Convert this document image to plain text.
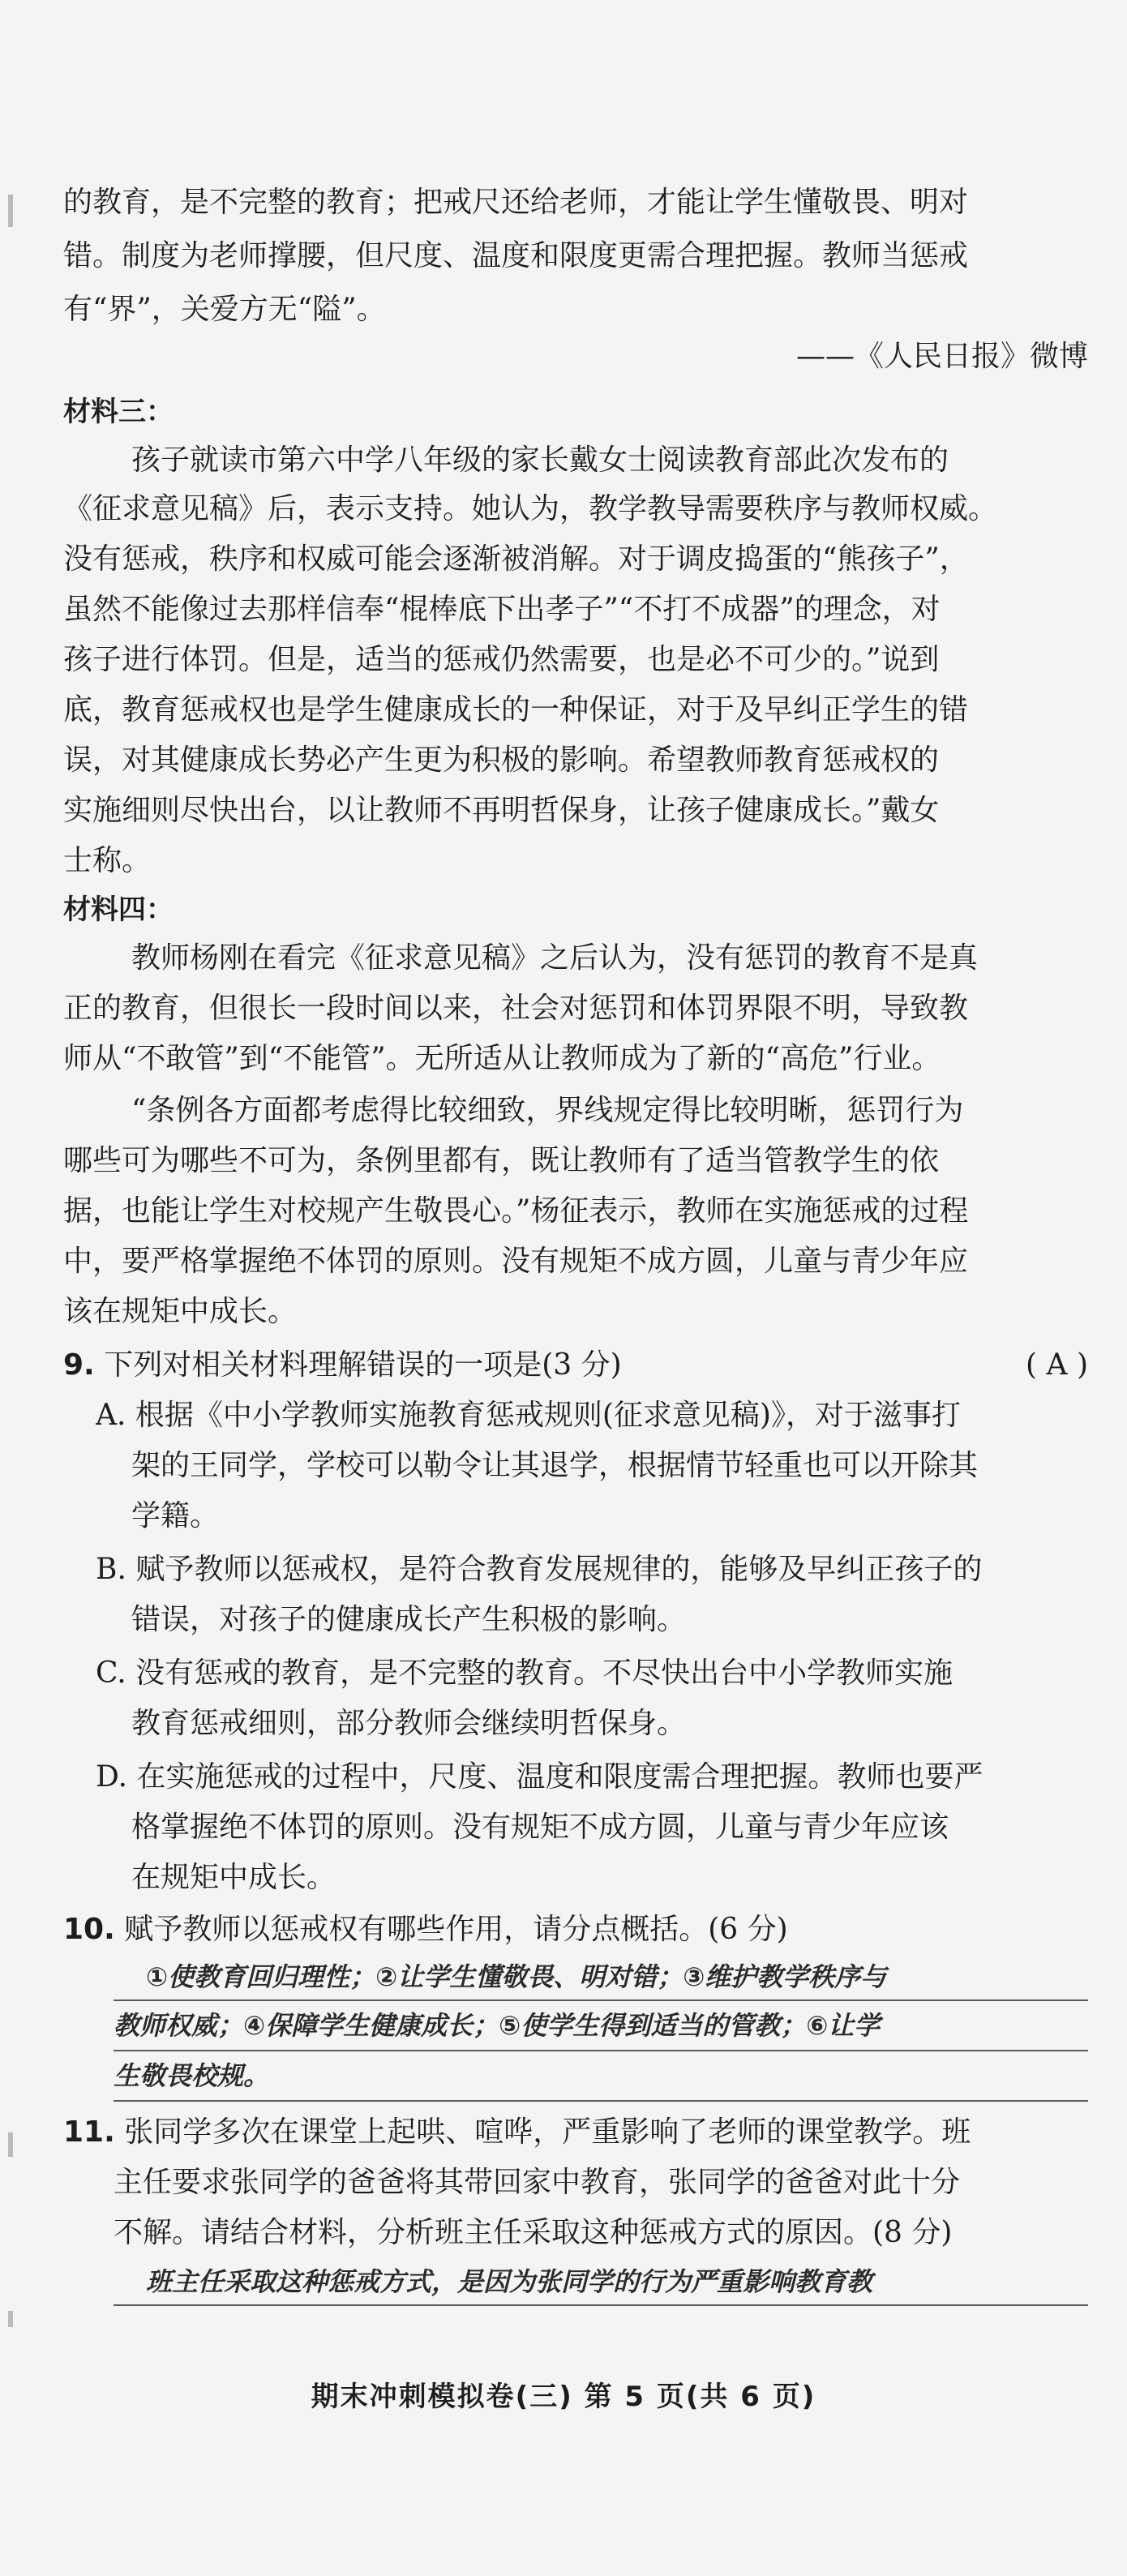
的教育，是不完整的教育；把戒尺还给老师，才能让学生懂敬畏、明对
错。制度为老师撑腰，但尺度、温度和限度更需合理把握。教师当惩戒
有“界”，关爱方无“隘”。
——《人民日报》微博
材料三：
孩子就读市第六中学八年级的家长戴女士阅读教育部此次发布的
《征求意见稿》后，表示支持。她认为，教学教导需要秩序与教师权威。
没有惩戒，秩序和权威可能会逐渐被消解。对于调皮捣蛋的“熊孩子”，
虽然不能像过去那样信奉“棍棒底下出孝子”“不打不成器”的理念，对
孩子进行体罚。但是，适当的惩戒仍然需要，也是必不可少的。”说到
底，教育惩戒权也是学生健康成长的一种保证，对于及早纠正学生的错
误，对其健康成长势必产生更为积极的影响。希望教师教育惩戒权的
实施细则尽快出台，以让教师不再明哲保身，让孩子健康成长。”戴女
士称。
材料四：
教师杨刚在看完《征求意见稿》之后认为，没有惩罚的教育不是真
正的教育，但很长一段时间以来，社会对惩罚和体罚界限不明，导致教
师从“不敢管”到“不能管”。无所适从让教师成为了新的“高危”行业。
“条例各方面都考虑得比较细致，界线规定得比较明晰，惩罚行为
哪些可为哪些不可为，条例里都有，既让教师有了适当管教学生的依
据，也能让学生对校规产生敬畏心。”杨征表示，教师在实施惩戒的过程
中，要严格掌握绝不体罚的原则。没有规矩不成方圆，儿童与青少年应
该在规矩中成长。
9. 下列对相关材料理解错误的一项是(3 分)	( A )
A. 根据《中小学教师实施教育惩戒规则(征求意见稿)》，对于滋事打
架的王同学，学校可以勒令让其退学，根据情节轻重也可以开除其
学籍。
B. 赋予教师以惩戒权，是符合教育发展规律的，能够及早纠正孩子的
错误，对孩子的健康成长产生积极的影响。
C. 没有惩戒的教育，是不完整的教育。不尽快出台中小学教师实施
教育惩戒细则，部分教师会继续明哲保身。
D. 在实施惩戒的过程中，尺度、温度和限度需合理把握。教师也要严
格掌握绝不体罚的原则。没有规矩不成方圆，儿童与青少年应该
在规矩中成长。
10. 赋予教师以惩戒权有哪些作用，请分点概括。(6 分)
①使教育回归理性；②让学生懂敬畏、明对错；③维护教学秩序与
教师权威；④保障学生健康成长；⑤使学生得到适当的管教；⑥让学
生敬畏校规。
11. 张同学多次在课堂上起哄、喧哗，严重影响了老师的课堂教学。班
主任要求张同学的爸爸将其带回家中教育，张同学的爸爸对此十分
不解。请结合材料，分析班主任采取这种惩戒方式的原因。(8 分)
班主任采取这种惩戒方式，是因为张同学的行为严重影响教育教
期末冲刺模拟卷(三) 第 5 页(共 6 页)
